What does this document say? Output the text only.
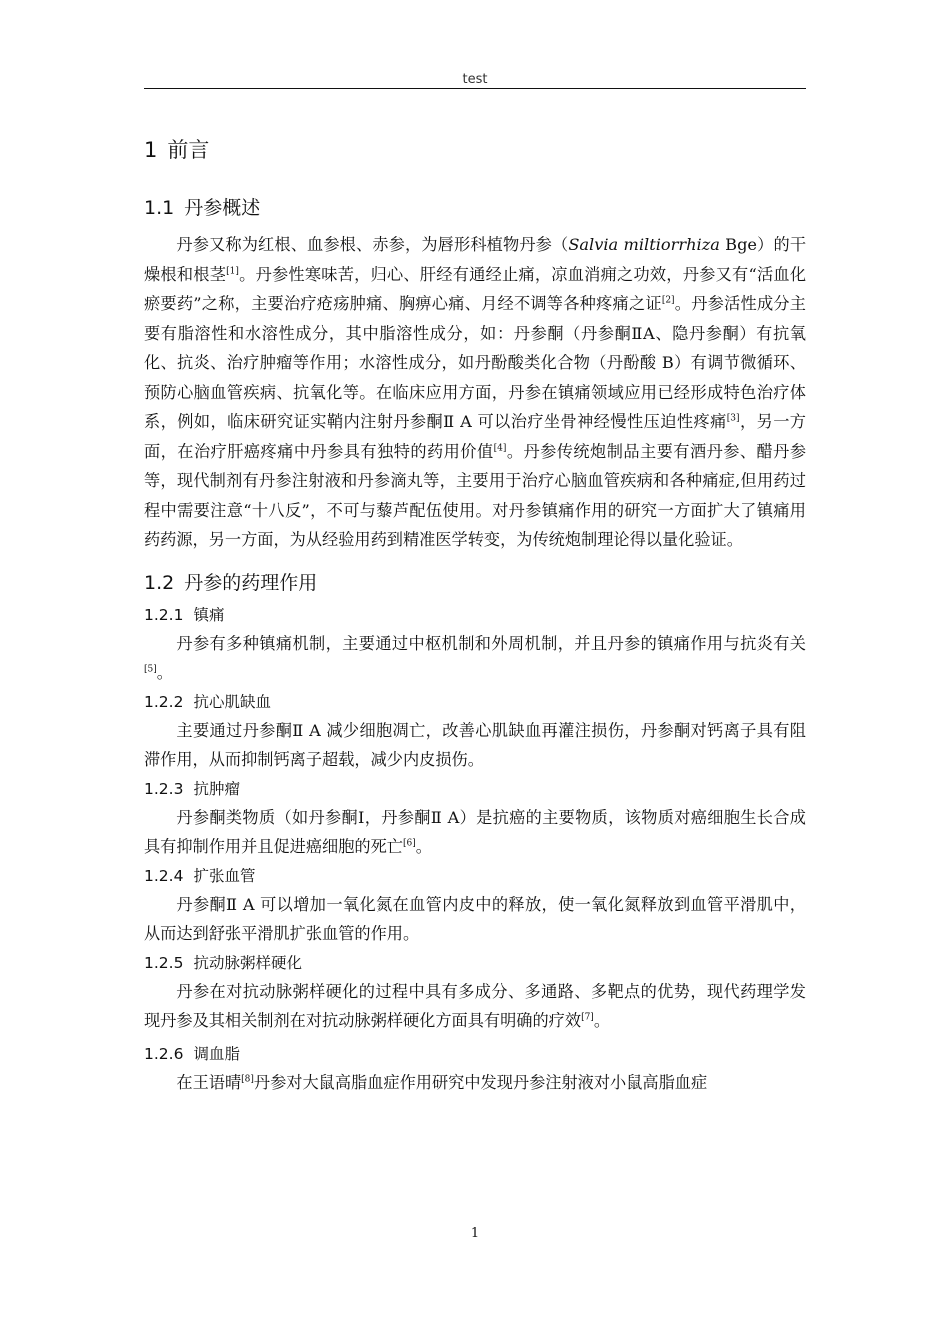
test
1 前言
1.1 丹参概述

丹参又称为红根、血参根、赤参，为唇形科植物丹参（Salvia miltiorrhiza Bge）的干燥根和根茎[1]。丹参性寒味苦，归心、肝经有通经止痛，凉血消痈之功效，丹参又有“活血化瘀要药”之称，主要治疗疮疡肿痛、胸痹心痛、月经不调等各种疼痛之证[2]。丹参活性成分主要有脂溶性和水溶性成分，其中脂溶性成分，如：丹参酮（丹参酮ⅡA、隐丹参酮）有抗氧化、抗炎、治疗肿瘤等作用；水溶性成分，如丹酚酸类化合物（丹酚酸 B）有调节微循环、预防心脑血管疾病、抗氧化等。在临床应用方面，丹参在镇痛领域应用已经形成特色治疗体系，例如，临床研究证实鞘内注射丹参酮Ⅱ A 可以治疗坐骨神经慢性压迫性疼痛[3]，另一方面，在治疗肝癌疼痛中丹参具有独特的药用价值[4]。丹参传统炮制品主要有酒丹参、醋丹参等，现代制剂有丹参注射液和丹参滴丸等，主要用于治疗心脑血管疾病和各种痛症,但用药过程中需要注意“十八反”，不可与藜芦配伍使用。对丹参镇痛作用的研究一方面扩大了镇痛用药药源，另一方面，为从经验用药到精准医学转变，为传统炮制理论得以量化验证。

1.2 丹参的药理作用
1.2.1 镇痛

丹参有多种镇痛机制，主要通过中枢机制和外周机制，并且丹参的镇痛作用与抗炎有关[5]。

1.2.2 抗心肌缺血

主要通过丹参酮Ⅱ A 减少细胞凋亡，改善心肌缺血再灌注损伤，丹参酮对钙离子具有阻滞作用，从而抑制钙离子超载，减少内皮损伤。

1.2.3 抗肿瘤

丹参酮类物质（如丹参酮Ⅰ，丹参酮Ⅱ A）是抗癌的主要物质，该物质对癌细胞生长合成具有抑制作用并且促进癌细胞的死亡[6]。

1.2.4 扩张血管

丹参酮Ⅱ A 可以增加一氧化氮在血管内皮中的释放，使一氧化氮释放到血管平滑肌中，从而达到舒张平滑肌扩张血管的作用。

1.2.5 抗动脉粥样硬化

丹参在对抗动脉粥样硬化的过程中具有多成分、多通路、多靶点的优势，现代药理学发现丹参及其相关制剂在对抗动脉粥样硬化方面具有明确的疗效[7]。

1.2.6 调血脂

在王语晴[8]丹参对大鼠高脂血症作用研究中发现丹参注射液对小鼠高脂血症

1
